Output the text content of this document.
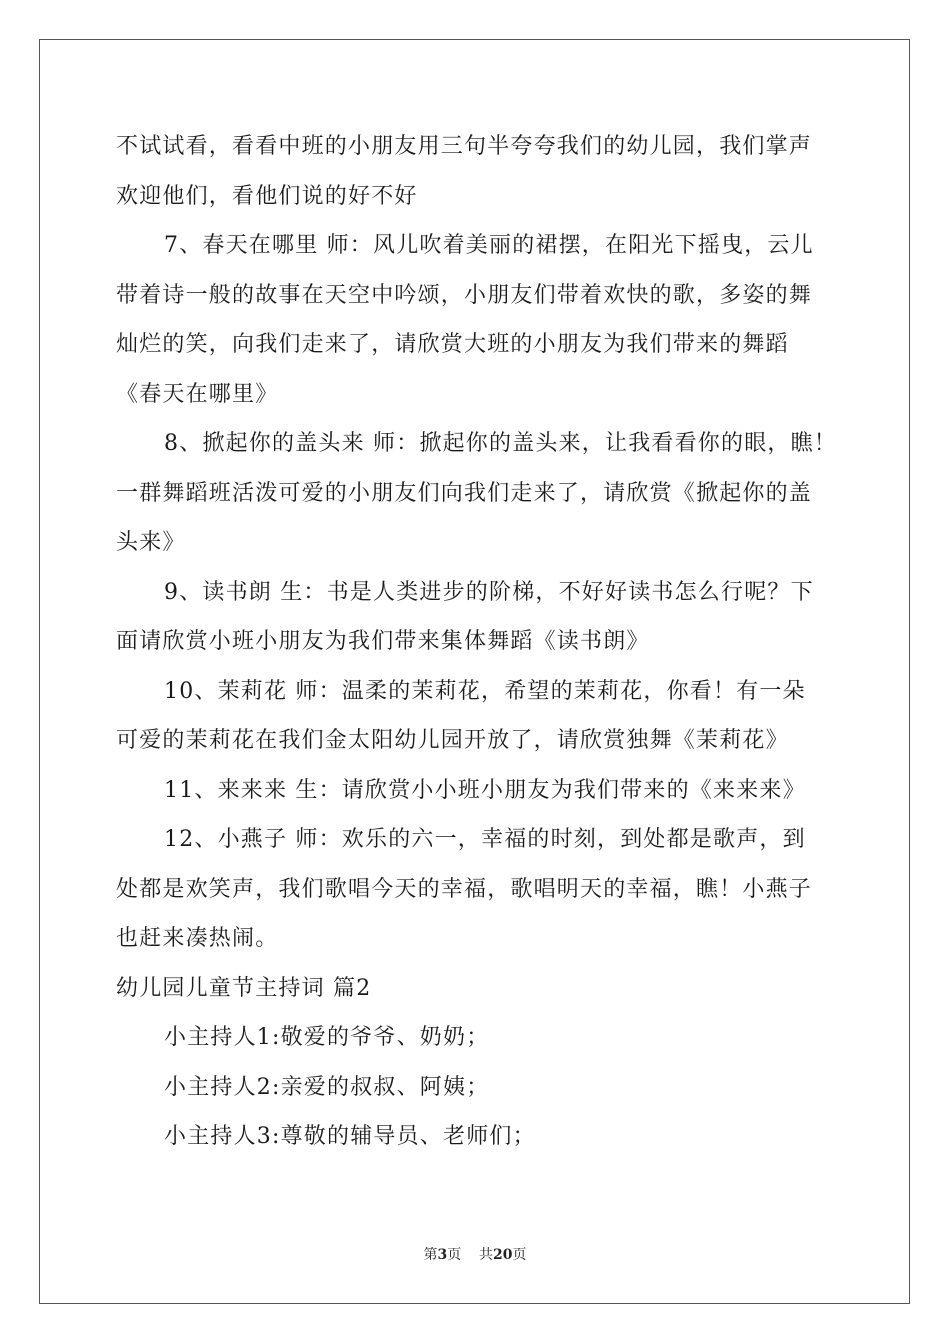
不试试看，看看中班的小朋友用三句半夸夸我们的幼儿园，我们掌声
欢迎他们，看他们说的好不好
7、春天在哪里 师：风儿吹着美丽的裙摆，在阳光下摇曳，云儿
带着诗一般的故事在天空中吟颂，小朋友们带着欢快的歌，多姿的舞
灿烂的笑，向我们走来了，请欣赏大班的小朋友为我们带来的舞蹈
《春天在哪里》
8、掀起你的盖头来 师：掀起你的盖头来，让我看看你的眼，瞧！
一群舞蹈班活泼可爱的小朋友们向我们走来了，请欣赏《掀起你的盖
头来》
9、读书朗 生：书是人类进步的阶梯，不好好读书怎么行呢？下
面请欣赏小班小朋友为我们带来集体舞蹈《读书朗》
10、茉莉花 师：温柔的茉莉花，希望的茉莉花，你看！有一朵
可爱的茉莉花在我们金太阳幼儿园开放了，请欣赏独舞《茉莉花》
11、来来来 生：请欣赏小小班小朋友为我们带来的《来来来》
12、小燕子 师：欢乐的六一，幸福的时刻，到处都是歌声，到
处都是欢笑声，我们歌唱今天的幸福，歌唱明天的幸福，瞧！小燕子
也赶来凑热闹。
幼儿园儿童节主持词 篇2
小主持人1:敬爱的爷爷、奶奶；
小主持人2:亲爱的叔叔、阿姨；
小主持人3:尊敬的辅导员、老师们；
第3页 共20页
